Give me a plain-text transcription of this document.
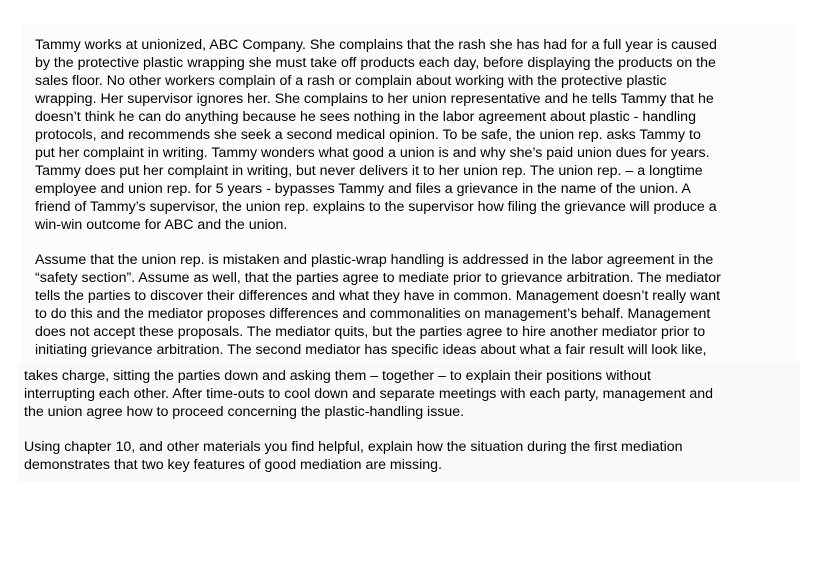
Tammy works at unionized, ABC Company. She complains that the rash she has had for a full year is caused
by the protective plastic wrapping she must take off products each day, before displaying the products on the
sales floor. No other workers complain of a rash or complain about working with the protective plastic
wrapping. Her supervisor ignores her. She complains to her union representative and he tells Tammy that he
doesn’t think he can do anything because he sees nothing in the labor agreement about plastic - handling
protocols, and recommends she seek a second medical opinion. To be safe, the union rep. asks Tammy to
put her complaint in writing. Tammy wonders what good a union is and why she’s paid union dues for years.
Tammy does put her complaint in writing, but never delivers it to her union rep. The union rep. – a longtime
employee and union rep. for 5 years - bypasses Tammy and files a grievance in the name of the union. A
friend of Tammy’s supervisor, the union rep. explains to the supervisor how filing the grievance will produce a
win-win outcome for ABC and the union.

Assume that the union rep. is mistaken and plastic-wrap handling is addressed in the labor agreement in the
“safety section”. Assume as well, that the parties agree to mediate prior to grievance arbitration. The mediator
tells the parties to discover their differences and what they have in common. Management doesn’t really want
to do this and the mediator proposes differences and commonalities on management’s behalf. Management
does not accept these proposals. The mediator quits, but the parties agree to hire another mediator prior to
initiating grievance arbitration. The second mediator has specific ideas about what a fair result will look like,

takes charge, sitting the parties down and asking them – together – to explain their positions without
interrupting each other. After time-outs to cool down and separate meetings with each party, management and
the union agree how to proceed concerning the plastic-handling issue.

Using chapter 10, and other materials you find helpful, explain how the situation during the first mediation
demonstrates that two key features of good mediation are missing.
